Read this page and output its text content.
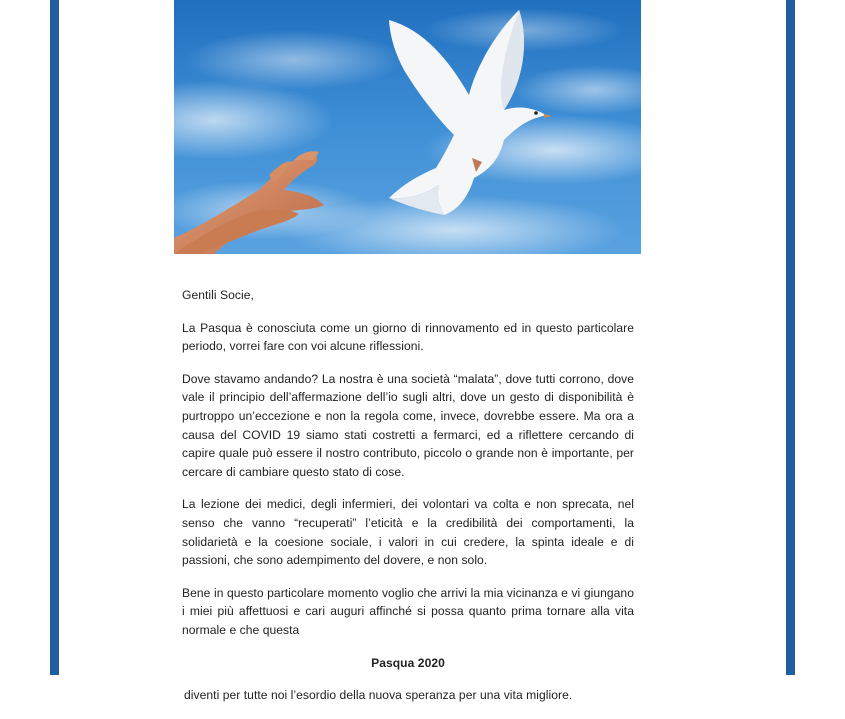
Gentili Socie,

La Pasqua è conosciuta come un giorno di rinnovamento ed in questo particolare periodo, vorrei fare con voi alcune riflessioni.

Dove stavamo andando? La nostra è una società “malata”, dove tutti corrono, dove vale il principio dell’affermazione dell’io sugli altri, dove un gesto di disponibilità è purtroppo un’eccezione e non la regola come, invece, dovrebbe essere. Ma ora a causa del COVID 19 siamo stati costretti a fermarci, ed a riflettere cercando di capire quale può essere il nostro contributo, piccolo o grande non è importante, per cercare di cambiare questo stato di cose.

La lezione dei medici, degli infermieri, dei volontari va colta e non sprecata, nel senso che vanno “recuperati” l’eticità e la credibilità dei comportamenti, la solidarietà e la coesione sociale, i valori in cui credere, la spinta ideale e di passioni, che sono adempimento del dovere, e non solo.

Bene in questo particolare momento voglio che arrivi la mia vicinanza e vi giungano i miei più affettuosi e cari auguri affinché si possa quanto prima tornare alla vita normale e che questa

Pasqua 2020

diventi per tutte noi l’esordio della nuova speranza per una vita migliore.
